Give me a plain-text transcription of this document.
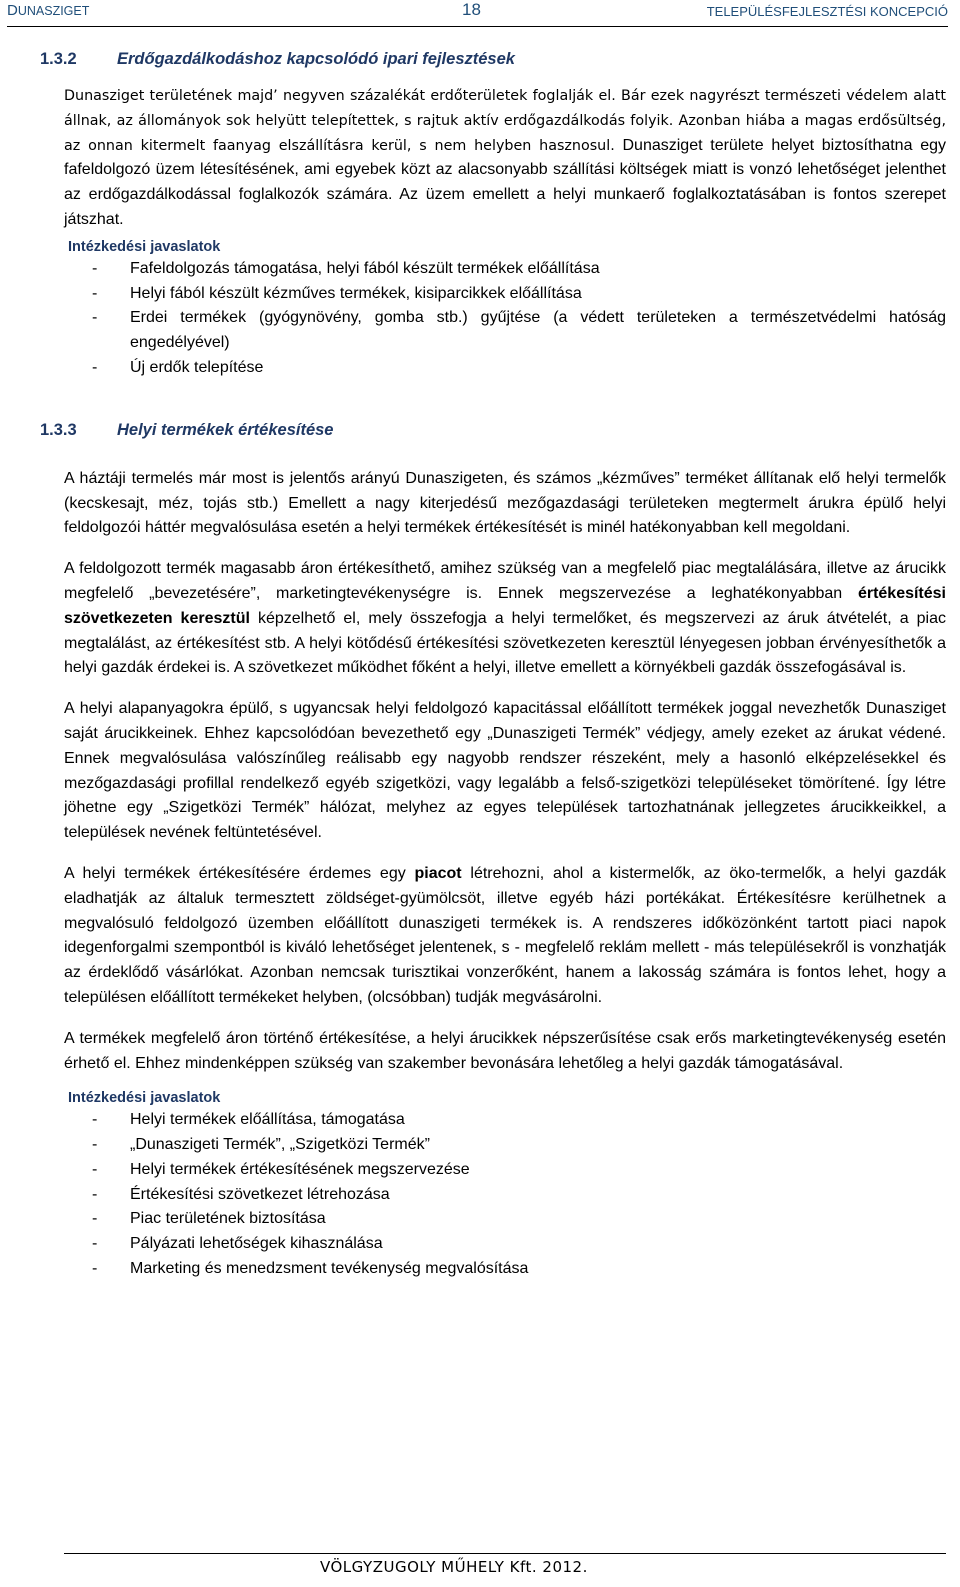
DUNASZIGET	18	TELEPÜLÉSFEJLESZTÉSI KONCEPCIÓ
1.3.2 Erdőgazdálkodáshoz kapcsolódó ipari fejlesztések

Dunasziget területének majd’ negyven százalékát erdőterületek foglalják el. Bár ezek nagyrészt természeti védelem alatt állnak, az állományok sok helyütt telepítettek, s rajtuk aktív erdőgazdálkodás folyik. Azonban hiába a magas erdősültség, az onnan kitermelt faanyag elszállításra kerül, s nem helyben hasznosul. Dunasziget területe helyet biztosíthatna egy fafeldolgozó üzem létesítésének, ami egyebek közt az alacsonyabb szállítási költségek miatt is vonzó lehetőséget jelenthet az erdőgazdálkodással foglalkozók számára. Az üzem emellett a helyi munkaerő foglalkoztatásában is fontos szerepet játszhat.

Intézkedési javaslatok
- Fafeldolgozás támogatása, helyi fából készült termékek előállítása
- Helyi fából készült kézműves termékek, kisiparcikkek előállítása
- Erdei termékek (gyógynövény, gomba stb.) gyűjtése (a védett területeken a természetvédelmi hatóság engedélyével)
- Új erdők telepítése
1.3.3 Helyi termékek értékesítése

A háztáji termelés már most is jelentős arányú Dunaszigeten, és számos „kézműves” terméket állítanak elő helyi termelők (kecskesajt, méz, tojás stb.) Emellett a nagy kiterjedésű mezőgazdasági területeken megtermelt árukra épülő helyi feldolgozói háttér megvalósulása esetén a helyi termékek értékesítését is minél hatékonyabban kell megoldani.

A feldolgozott termék magasabb áron értékesíthető, amihez szükség van a megfelelő piac megtalálására, illetve az árucikk megfelelő „bevezetésére”, marketingtevékenységre is. Ennek megszervezése a leghatékonyabban értékesítési szövetkezeten keresztül képzelhető el, mely összefogja a helyi termelőket, és megszervezi az áruk átvételét, a piac megtalálást, az értékesítést stb. A helyi kötődésű értékesítési szövetkezeten keresztül lényegesen jobban érvényesíthetők a helyi gazdák érdekei is. A szövetkezet működhet főként a helyi, illetve emellett a környékbeli gazdák összefogásával is.

A helyi alapanyagokra épülő, s ugyancsak helyi feldolgozó kapacitással előállított termékek joggal nevezhetők Dunasziget saját árucikkeinek. Ehhez kapcsolódóan bevezethető egy „Dunaszigeti Termék” védjegy, amely ezeket az árukat védené. Ennek megvalósulása valószínűleg reálisabb egy nagyobb rendszer részeként, mely a hasonló elképzelésekkel és mezőgazdasági profillal rendelkező egyéb szigetközi, vagy legalább a felső-szigetközi településeket tömörítené. Így létre jöhetne egy „Szigetközi Termék” hálózat, melyhez az egyes települések tartozhatnának jellegzetes árucikkeikkel, a települések nevének feltüntetésével.

A helyi termékek értékesítésére érdemes egy piacot létrehozni, ahol a kistermelők, az öko-termelők, a helyi gazdák eladhatják az általuk termesztett zöldséget-gyümölcsöt, illetve egyéb házi portékákat. Értékesítésre kerülhetnek a megvalósuló feldolgozó üzemben előállított dunaszigeti termékek is. A rendszeres időközönként tartott piaci napok idegenforgalmi szempontból is kiváló lehetőséget jelentenek, s - megfelelő reklám mellett - más településekről is vonzhatják az érdeklődő vásárlókat. Azonban nemcsak turisztikai vonzerőként, hanem a lakosság számára is fontos lehet, hogy a településen előállított termékeket helyben, (olcsóbban) tudják megvásárolni.

A termékek megfelelő áron történő értékesítése, a helyi árucikkek népszerűsítése csak erős marketingtevékenység esetén érhető el. Ehhez mindenképpen szükség van szakember bevonására lehetőleg a helyi gazdák támogatásával.

Intézkedési javaslatok
- Helyi termékek előállítása, támogatása
- „Dunaszigeti Termék”, „Szigetközi Termék”
- Helyi termékek értékesítésének megszervezése
- Értékesítési szövetkezet létrehozása
- Piac területének biztosítása
- Pályázati lehetőségek kihasználása
- Marketing és menedzsment tevékenység megvalósítása
VÖLGYZUGOLY MŰHELY Kft. 2012.
